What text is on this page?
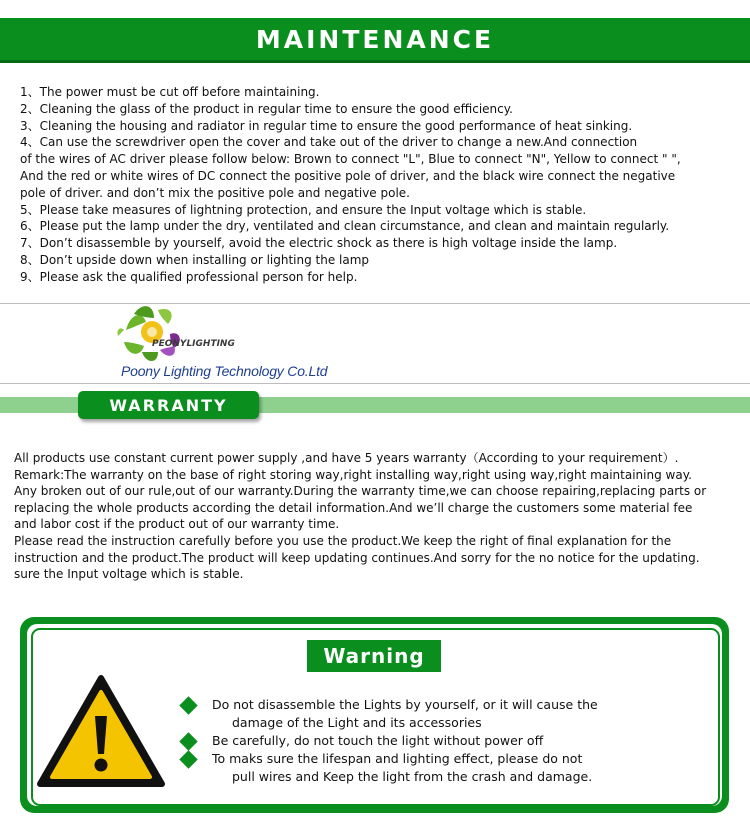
MAINTENANCE
1、The power must be cut off before maintaining.
2、Cleaning the glass of the product in regular time to ensure the good efficiency.
3、Cleaning the housing and radiator in regular time to ensure the good performance of heat sinking.
4、Can use the screwdriver open the cover and take out of the driver to change a new.And connection
of the wires of AC driver please follow below: Brown to connect "L", Blue to connect "N", Yellow to connect " ",
And the red or white wires of DC connect the positive pole of driver, and the black wire connect the negative
pole of driver. and don’t mix the positive pole and negative pole.
5、Please take measures of lightning protection, and ensure the Input voltage which is stable.
6、Please put the lamp under the dry, ventilated and clean circumstance, and clean and maintain regularly.
7、Don’t disassemble by yourself, avoid the electric shock as there is high voltage inside the lamp.
8、Don’t upside down when installing or lighting the lamp
9、Please ask the qualified professional person for help.
PEONYLIGHTING
Poony Lighting Technology Co.Ltd
WARRANTY

All products use constant current power supply ,and have 5 years warranty（According to your requirement）.

Remark:The warranty on the base of right storing way,right installing way,right using way,right maintaining way.

Any broken out of our rule,out of our warranty.During the warranty time,we can choose repairing,replacing parts or

replacing the whole products according the detail information.And we’ll charge the customers some material fee

and labor cost if the product out of our warranty time.

Please read the instruction carefully before you use the product.We keep the right of final explanation for the

instruction and the product.The product will keep updating continues.And sorry for the no notice for the updating.

sure the Input voltage which is stable.

Warning

Do not disassemble the Lights by yourself, or it will cause the
damage of the Light and its accessories

Be carefully, do not touch the light without power off

To maks sure the lifespan and lighting effect, please do not
pull wires and Keep the light from the crash and damage.
